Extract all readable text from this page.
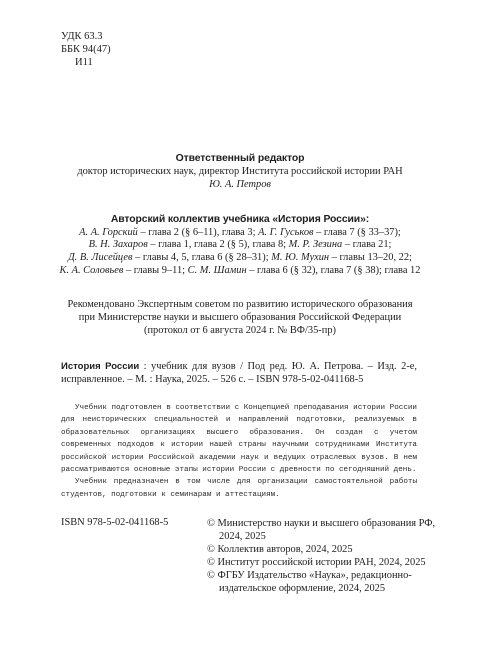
УДК 63.3
ББК 94(47)
И11
Ответственный редактор
доктор исторических наук, директор Института российской истории РАН
Ю. А. Петров
Авторский коллектив учебника «История России»:
А. А. Горский – глава 2 (§ 6–11), глава 3; А. Г. Гуськов – глава 7 (§ 33–37);
В. Н. Захаров – глава 1, глава 2 (§ 5), глава 8; М. Р. Зезина – глава 21;
Д. В. Лисейцев – главы 4, 5, глава 6 (§ 28–31); М. Ю. Мухин – главы 13–20, 22;
К. А. Соловьев – главы 9–11; С. М. Шамин – глава 6 (§ 32), глава 7 (§ 38); глава 12
Рекомендовано Экспертным советом по развитию исторического образования
при Министерстве науки и высшего образования Российской Федерации
(протокол от 6 августа 2024 г. № ВФ/35-пр)
История России : учебник для вузов / Под ред. Ю. А. Петрова. – Изд. 2-е, исправленное. – М. : Наука, 2025. – 526 с. – ISBN 978-5-02-041168-5

Учебник подготовлен в соответствии с Концепцией преподавания истории России для неисторических специальностей и направлений подготовки, реализуемых в образовательных организациях высшего образования. Он создан с учетом современных подходов к истории нашей страны научными сотрудниками Института российской истории Российской академии наук и ведущих отраслевых вузов. В нем рассматриваются основные этапы истории России с древности по сегодняшний день.

Учебник предназначен в том числе для организации самостоятельной работы студентов, подготовки к семинарам и аттестациям.

ISBN 978-5-02-041168-5	© Министерство науки и высшего образования РФ, 2024, 2025
© Коллектив авторов, 2024, 2025
© Институт российской истории РАН, 2024, 2025
© ФГБУ Издательство «Наука», редакционно-издательское оформление, 2024, 2025
